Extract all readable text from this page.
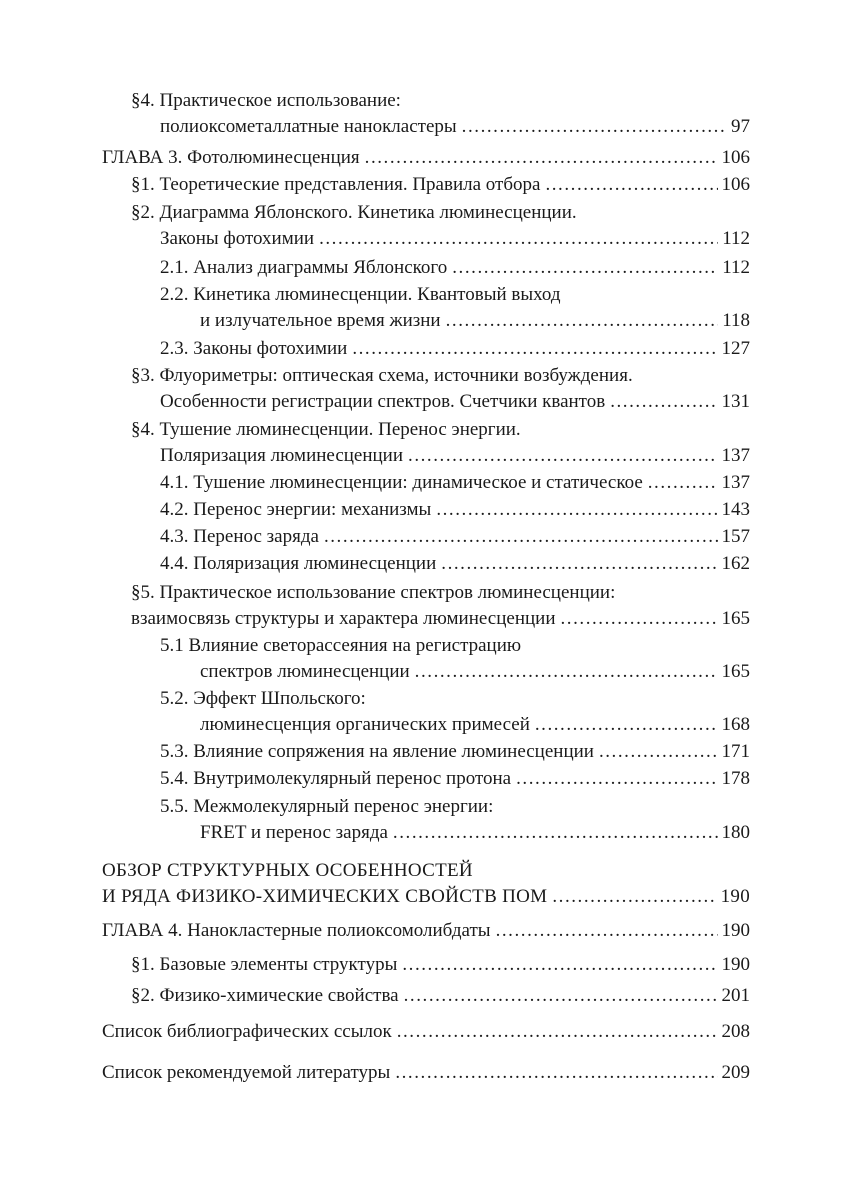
§4. Практическое использование:
полиоксометаллатные нанокластеры . . .	97
ГЛАВА 3. Фотолюминесценция . . .	106
§1. Теоретические представления. Правила отбора . . .	106
§2. Диаграмма Яблонского. Кинетика люминесценции.
Законы фотохимии . . .	112
2.1. Анализ диаграммы Яблонского . . .	112
2.2. Кинетика люминесценции. Квантовый выход
и излучательное время жизни . . .	118
2.3. Законы фотохимии . . .	127
§3. Флуориметры: оптическая схема, источники возбуждения.
Особенности регистрации спектров. Счетчики квантов . . .	131
§4. Тушение люминесценции. Перенос энергии.
Поляризация люминесценции . . .	137
4.1. Тушение люминесценции: динамическое и статическое . . .	137
4.2. Перенос энергии: механизмы . . .	143
4.3. Перенос заряда . . .	157
4.4. Поляризация люминесценции . . .	162
§5. Практическое использование спектров люминесценции:
взаимосвязь структуры и характера люминесценции . . .	165
5.1 Влияние светорассеяния на регистрацию
спектров люминесценции . . .	165
5.2. Эффект Шпольского:
люминесценция органических примесей . . .	168
5.3. Влияние сопряжения на явление люминесценции . . .	171
5.4. Внутримолекулярный перенос протона . . .	178
5.5. Межмолекулярный перенос энергии:
FRET и перенос заряда . . .	180
ОБЗОР СТРУКТУРНЫХ ОСОБЕННОСТЕЙ
И РЯДА ФИЗИКО-ХИМИЧЕСКИХ СВОЙСТВ ПОМ . . .	190
ГЛАВА 4. Нанокластерные полиоксомолибдаты . . .	190
§1. Базовые элементы структуры . . .	190
§2. Физико-химические свойства . . .	201
Список библиографических ссылок . . .	208
Список рекомендуемой литературы . . .	209
